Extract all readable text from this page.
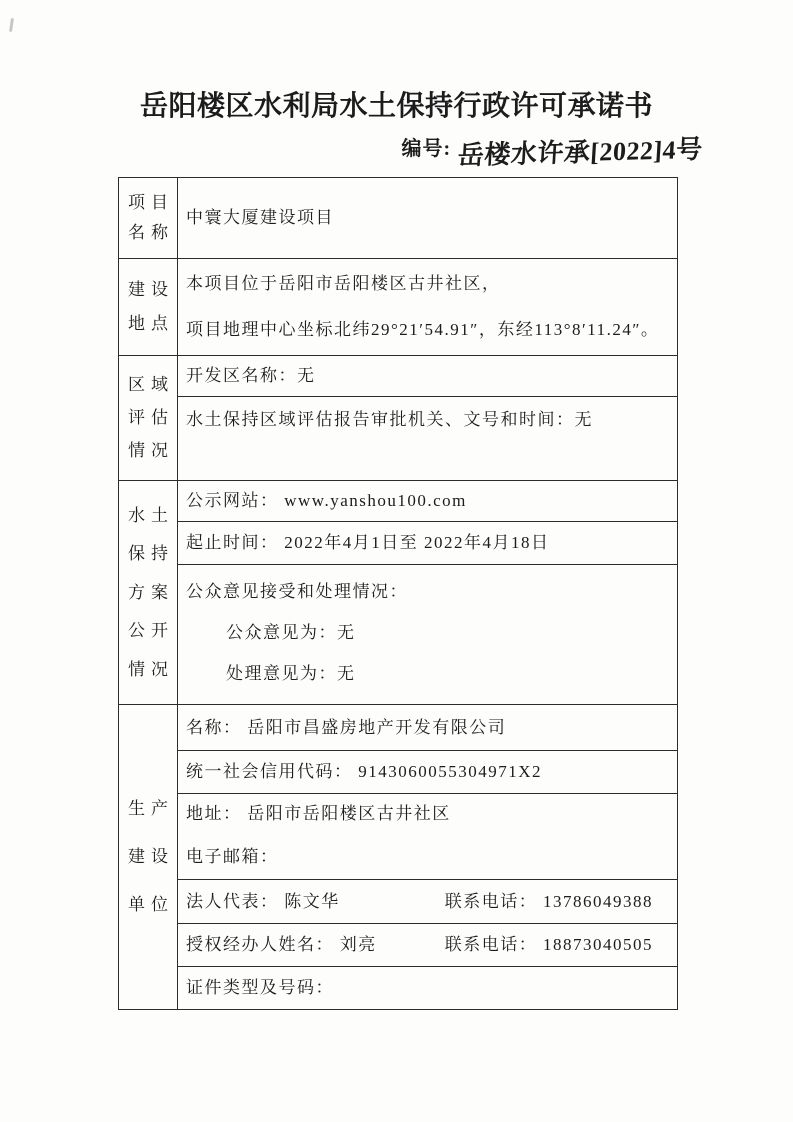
岳阳楼区水利局水土保持行政许可承诺书
编号: 岳楼水许承[2022]4号
项目
名称
中寰大厦建设项目
建设
地点
本项目位于岳阳市岳阳楼区古井社区，
项目地理中心坐标北纬29°21′54.91″，东经113°8′11.24″。
区域
评估
情况
开发区名称：无
水土保持区域评估报告审批机关、文号和时间：无
水土
保持
方案
公开
情况
公示网站： www.yanshou100.com
起止时间： 2022年4月1日至 2022年4月18日
公众意见接受和处理情况：
公众意见为：无
处理意见为：无
生产
建设
单位
名称： 岳阳市昌盛房地产开发有限公司
统一社会信用代码： 9143060055304971X2
地址： 岳阳市岳阳楼区古井社区
电子邮箱：
法人代表： 陈文华	联系电话： 13786049388
授权经办人姓名： 刘亮	联系电话： 18873040505
证件类型及号码：
